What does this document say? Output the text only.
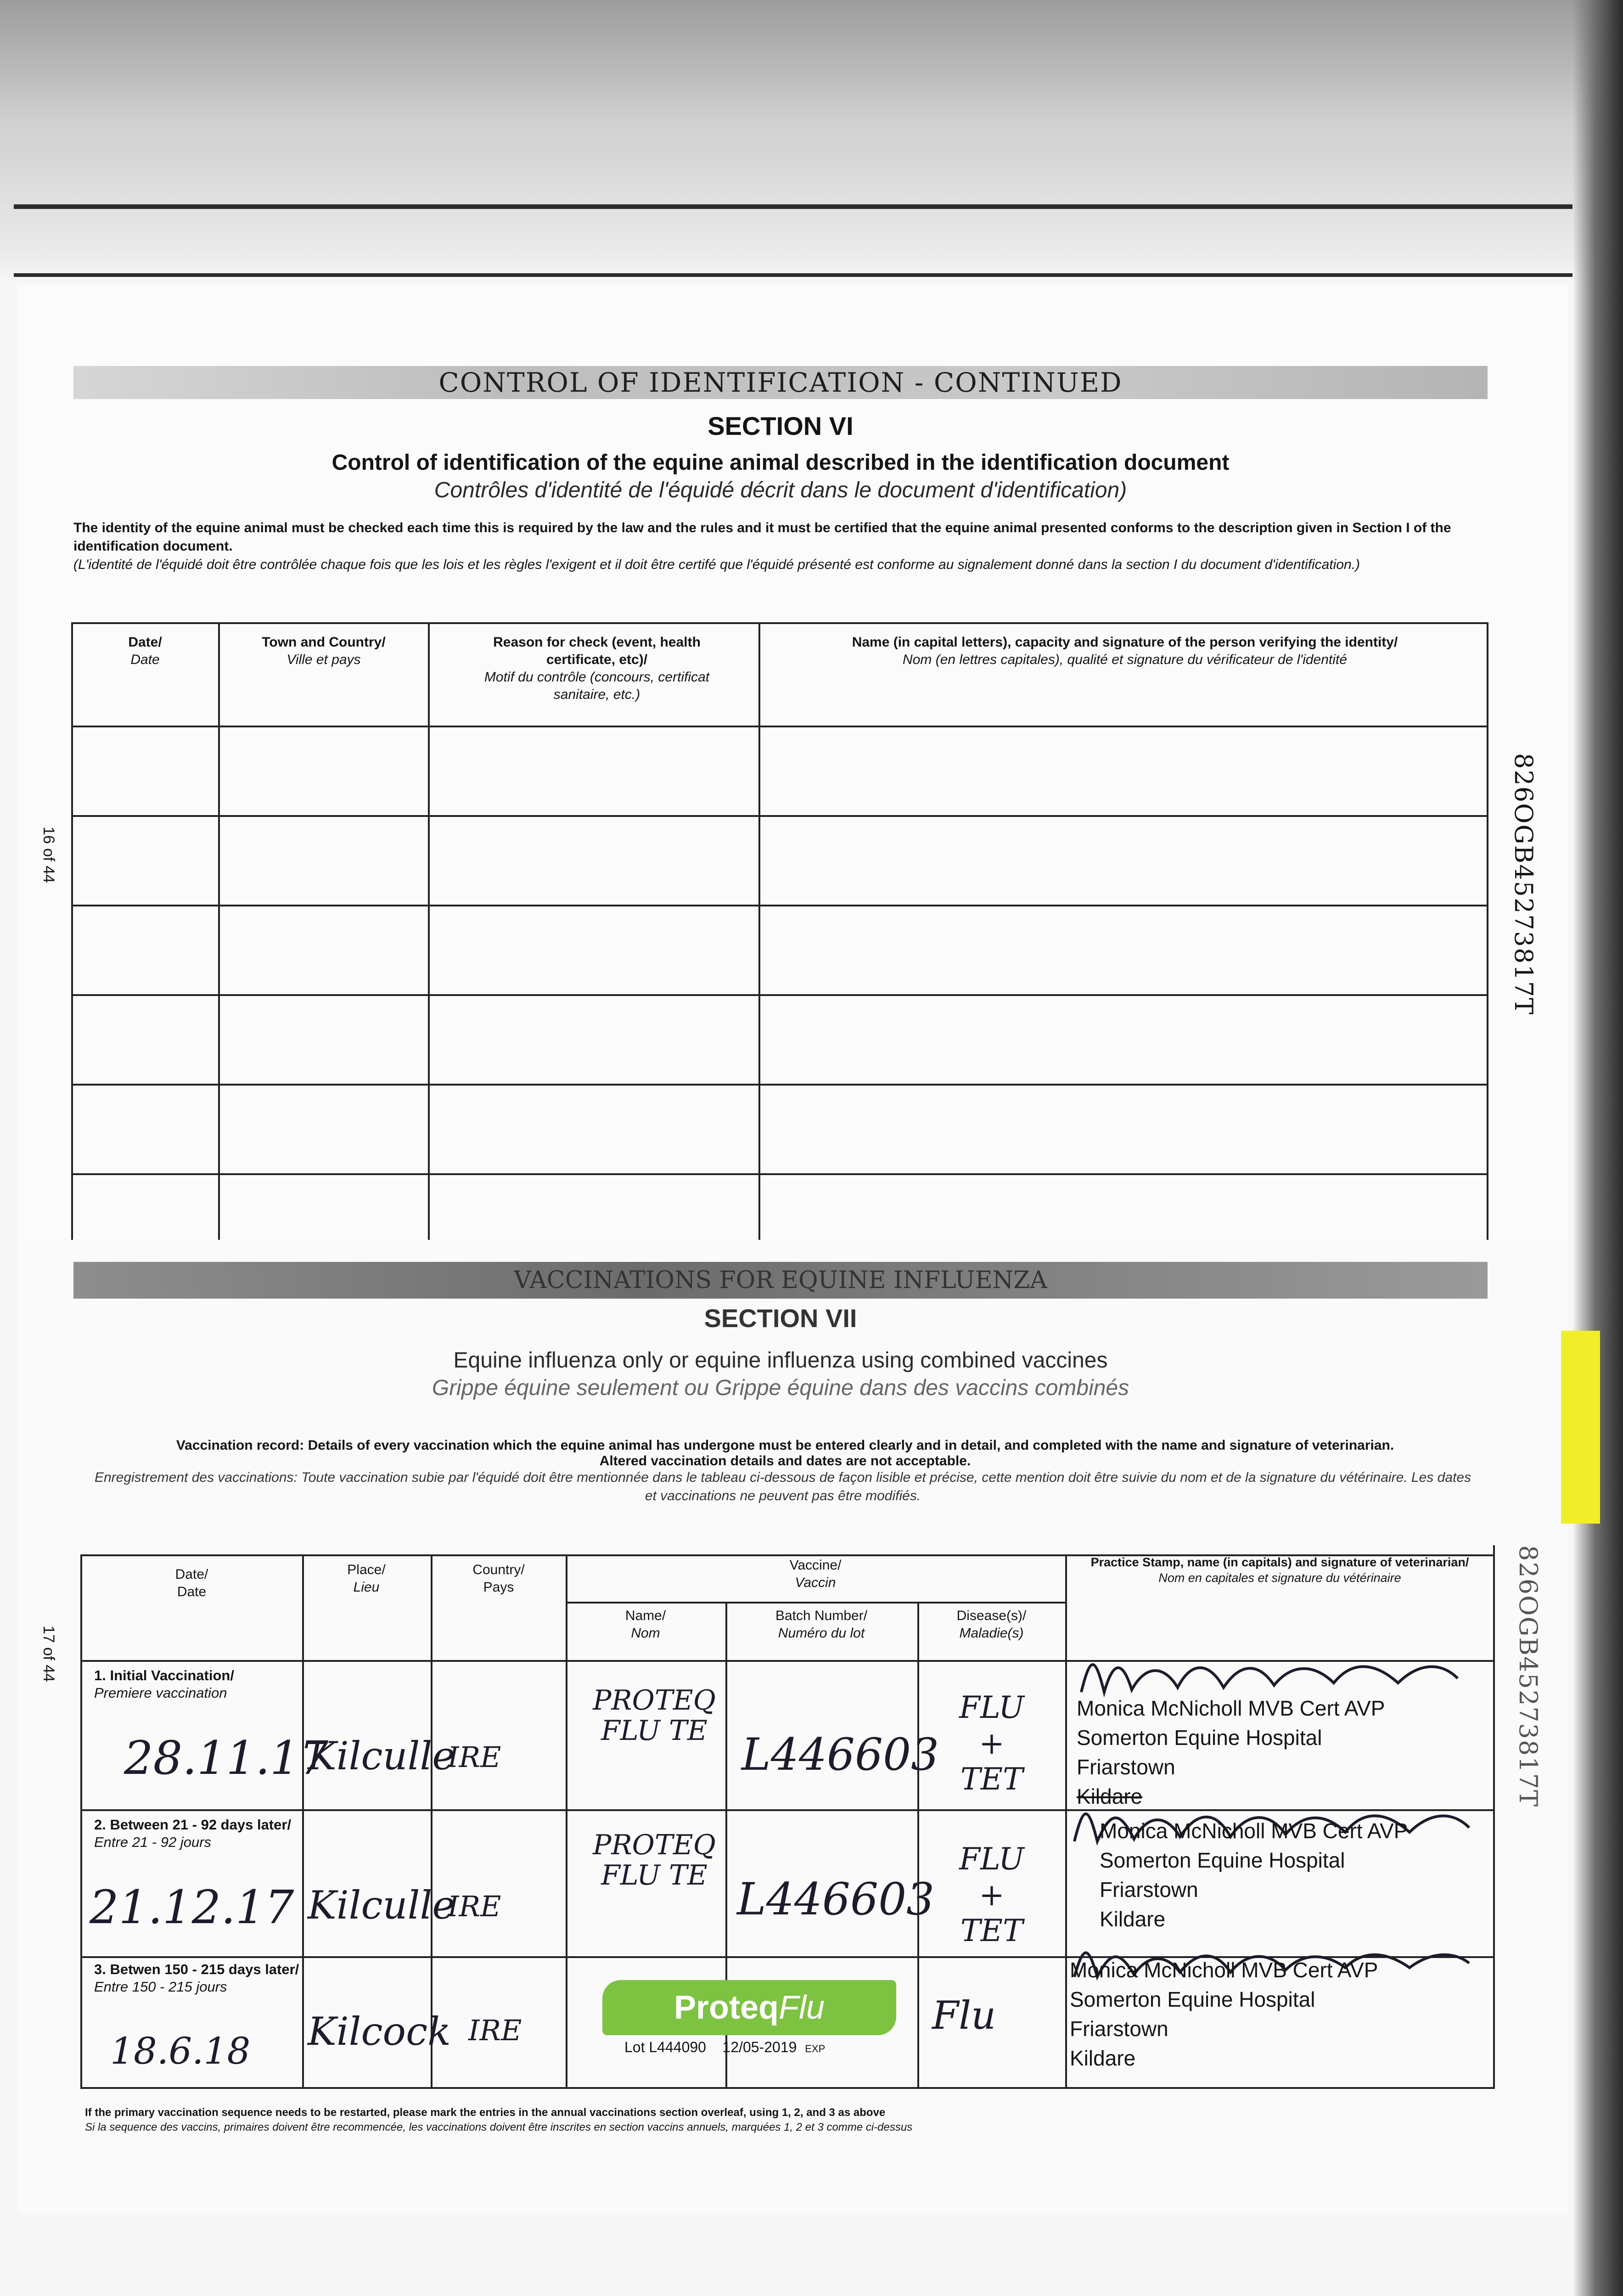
CONTROL OF IDENTIFICATION - CONTINUED
SECTION VI
Control of identification of the equine animal described in the identification document
Contrôles d'identité de l'équidé décrit dans le document d'identification)
The identity of the equine animal must be checked each time this is required by the law and the rules and it must be certified that the equine animal presented conforms to the description given in Section I of the identification document.
(L'identité de l'équidé doit être contrôlée chaque fois que les lois et les règles l'exigent et il doit être certifé que l'équidé présenté est conforme au signalement donné dans la section I du document d'identification.)
Date/
Date
Town and Country/
Ville et pays
Reason for check (event, health certificate, etc)/
Motif du contrôle (concours, certificat sanitaire, etc.)
Name (in capital letters), capacity and signature of the person verifying the identity/
Nom (en lettres capitales), qualité et signature du vérificateur de l'identité
826OGB45273817T
16 of 44
VACCINATIONS FOR EQUINE INFLUENZA
SECTION VII
Equine influenza only or equine influenza using combined vaccines
Grippe équine seulement ou Grippe équine dans des vaccins combinés
Vaccination record: Details of every vaccination which the equine animal has undergone must be entered clearly and in detail, and completed with the name and signature of veterinarian.
Altered vaccination details and dates are not acceptable.
Enregistrement des vaccinations: Toute vaccination subie par l'équidé doit être mentionnée dans le tableau ci-dessous de façon lisible et précise, cette mention doit être suivie du nom et de la signature du vétérinaire. Les dates et vaccinations ne peuvent pas être modifiés.
Date/
Date
Place/
Lieu
Country/
Pays
Vaccine/
Vaccin
Name/
Nom
Batch Number/
Numéro du lot
Disease(s)/
Maladie(s)
Practice Stamp, name (in capitals) and signature of veterinarian/
Nom en capitales et signature du vétérinaire
1. Initial Vaccination/
Premiere vaccination
28.11.17
Kilculle
IRE
PROTEQ FLU TE L446603
FLU + TET
Monica McNicholl MVB Cert AVP
Somerton Equine Hospital
Friarstown
Kildare
2. Between 21 - 92 days later/
Entre 21 - 92 jours
21.12.17 Kilculle
IRE
PROTEQ FLU TE L446603
FLU + TET
Monica McNicholl MVB Cert AVP
Somerton Equine Hospital
Friarstown
Kildare
3. Betwen 150 - 215 days later/
Entre 150 - 215 jours
18.6.18 Kilcock IRE
ProteqFlu
Lot L444090 12/05-2019 EXP
Flu
Monica McNicholl MVB Cert AVP
Somerton Equine Hospital
Friarstown
Kildare
If the primary vaccination sequence needs to be restarted, please mark the entries in the annual vaccinations section overleaf, using 1, 2, and 3 as above
Si la sequence des vaccins, primaires doivent être recommencée, les vaccinations doivent être inscrites en section vaccins annuels, marquées 1, 2 et 3 comme ci-dessus
826OGB45273817T
17 of 44
